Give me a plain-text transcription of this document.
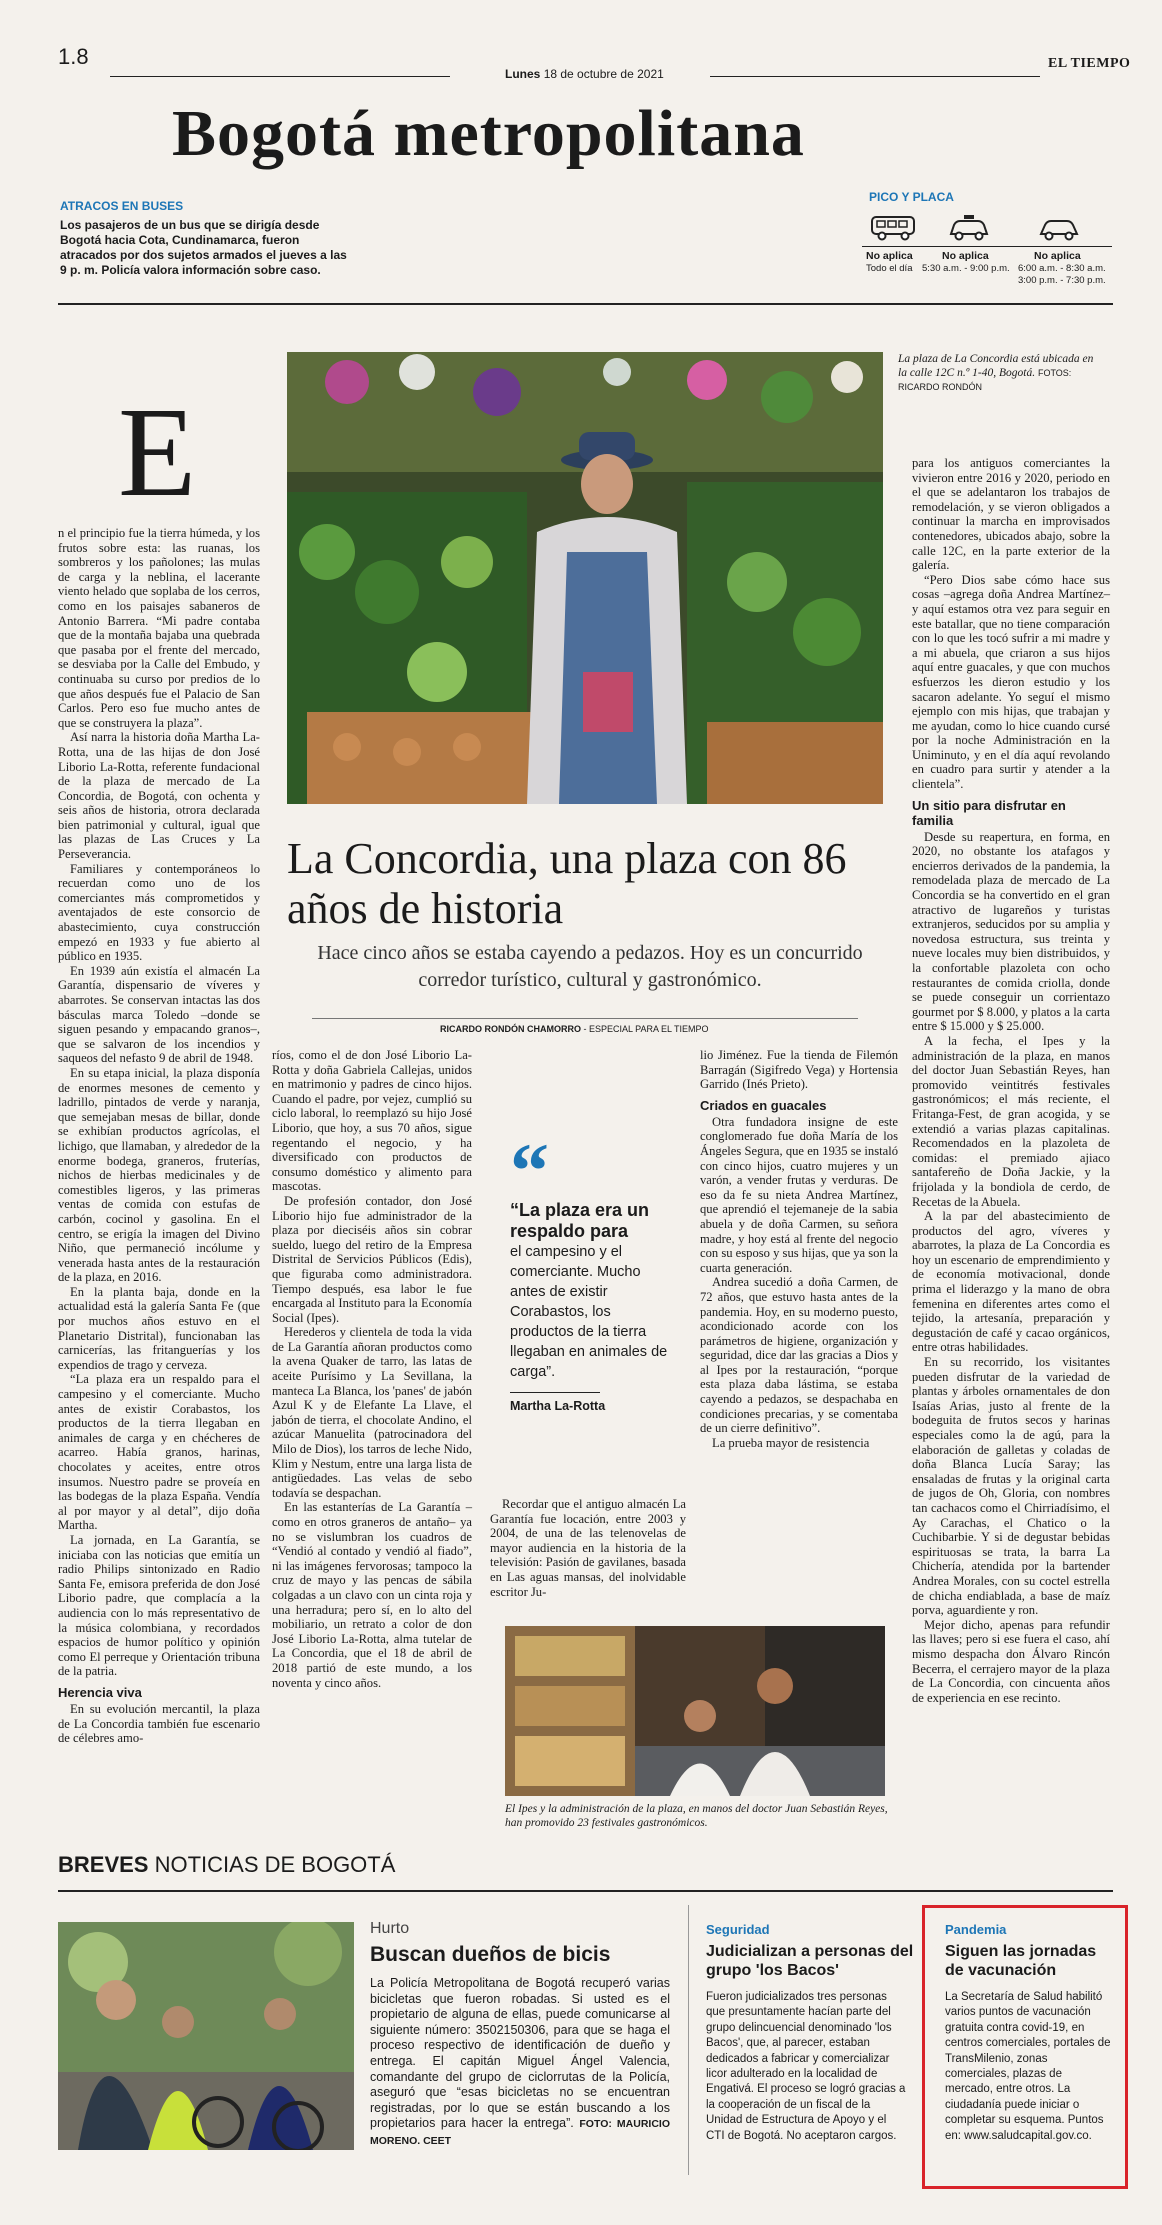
1.8
Lunes 18 de octubre de 2021
EL TIEMPO
Bogotá metropolitana
ATRACOS EN BUSES
Los pasajeros de un bus que se dirigía desde Bogotá hacia Cota, Cundinamarca, fueron atracados por dos sujetos armados el jueves a las 9 p. m. Policía valora información sobre caso.
PICO Y PLACA
No aplica
Todo el día
No aplica
5:30 a.m. - 9:00 p.m.
No aplica
6:00 a.m. - 8:30 a.m.
3:00 p.m. - 7:30 p.m.
La plaza de La Concordia está ubicada en la calle 12C n.º 1-40, Bogotá. FOTOS: RICARDO RONDÓN
La Concordia, una plaza con 86 años de historia
Hace cinco años se estaba cayendo a pedazos. Hoy es un concurrido corredor turístico, cultural y gastronómico.
RICARDO RONDÓN CHAMORRO - ESPECIAL PARA EL TIEMPO
E

n el principio fue la tierra húmeda, y los frutos sobre esta: las ruanas, los sombreros y los pañolones; las mulas de carga y la neblina, el lacerante viento helado que soplaba de los cerros, como en los paisajes sabaneros de Antonio Barrera. “Mi padre contaba que de la montaña bajaba una quebrada que pasaba por el frente del mercado, se desviaba por la Calle del Embudo, y continuaba su curso por predios de lo que años después fue el Palacio de San Carlos. Pero eso fue mucho antes de que se construyera la plaza”.

Así narra la historia doña Martha La-Rotta, una de las hijas de don José Liborio La-Rotta, referente fundacional de la plaza de mercado de La Concordia, de Bogotá, con ochenta y seis años de historia, otrora declarada bien patrimonial y cultural, igual que las plazas de Las Cruces y La Perseverancia.

Familiares y contemporáneos lo recuerdan como uno de los comerciantes más comprometidos y aventajados de este consorcio de abastecimiento, cuya construcción empezó en 1933 y fue abierto al público en 1935.

En 1939 aún existía el almacén La Garantía, dispensario de víveres y abarrotes. Se conservan intactas las dos básculas marca Toledo –donde se siguen pesando y empacando granos–, que se salvaron de los incendios y saqueos del nefasto 9 de abril de 1948.

En su etapa inicial, la plaza disponía de enormes mesones de cemento y ladrillo, pintados de verde y naranja, que semejaban mesas de billar, donde se exhibían productos agrícolas, el lichigo, que llamaban, y alrededor de la enorme bodega, graneros, fruterías, nichos de hierbas medicinales y de comestibles ligeros, y las primeras ventas de comida con estufas de carbón, cocinol y gasolina. En el centro, se erigía la imagen del Divino Niño, que permaneció incólume y venerada hasta antes de la restauración de la plaza, en 2016.

En la planta baja, donde en la actualidad está la galería Santa Fe (que por muchos años estuvo en el Planetario Distrital), funcionaban las carnicerías, las fritanguerías y los expendios de trago y cerveza.

“La plaza era un respaldo para el campesino y el comerciante. Mucho antes de existir Corabastos, los productos de la tierra llegaban en animales de carga y en chécheres de acarreo. Había granos, harinas, chocolates y aceites, entre otros insumos. Nuestro padre se proveía en las bodegas de la plaza España. Vendía al por mayor y al detal”, dijo doña Martha.

La jornada, en La Garantía, se iniciaba con las noticias que emitía un radio Philips sintonizado en Radio Santa Fe, emisora preferida de don José Liborio padre, que complacía a la audiencia con lo más representativo de la música colombiana, y recordados espacios de humor político y opinión como El perreque y Orientación tribuna de la patria.

Herencia viva

En su evolución mercantil, la plaza de La Concordia también fue escenario de célebres amo-

ríos, como el de don José Liborio La-Rotta y doña Gabriela Callejas, unidos en matrimonio y padres de cinco hijos. Cuando el padre, por vejez, cumplió su ciclo laboral, lo reemplazó su hijo José Liborio, que hoy, a sus 70 años, sigue regentando el negocio, y ha diversificado con productos de consumo doméstico y alimento para mascotas.

De profesión contador, don José Liborio hijo fue administrador de la plaza por dieciséis años sin cobrar sueldo, luego del retiro de la Empresa Distrital de Servicios Públicos (Edis), que figuraba como administradora. Tiempo después, esa labor le fue encargada al Instituto para la Economía Social (Ipes).

Herederos y clientela de toda la vida de La Garantía añoran productos como la avena Quaker de tarro, las latas de aceite Purísimo y La Sevillana, la manteca La Blanca, los 'panes' de jabón Azul K y de Elefante La Llave, el jabón de tierra, el chocolate Andino, el azúcar Manuelita (patrocinadora del Milo de Dios), los tarros de leche Nido, Klim y Nestum, entre una larga lista de antigüedades. Las velas de sebo todavía se despachan.

En las estanterías de La Garantía –como en otros graneros de antaño– ya no se vislumbran los cuadros de “Vendió al contado y vendió al fiado”, ni las imágenes fervorosas; tampoco la cruz de mayo y las pencas de sábila colgadas a un clavo con un cinta roja y una herradura; pero sí, en lo alto del mobiliario, un retrato a color de don José Liborio La-Rotta, alma tutelar de La Concordia, que el 18 de abril de 2018 partió de este mundo, a los noventa y cinco años.

“
“La plaza era un respaldo para
el campesino y el comerciante. Mucho antes de existir Corabastos, los productos de la tierra llegaban en animales de carga”.
Martha La-Rotta

Recordar que el antiguo almacén La Garantía fue locación, entre 2003 y 2004, de una de las telenovelas de mayor audiencia en la historia de la televisión: Pasión de gavilanes, basada en Las aguas mansas, del inolvidable escritor Ju-

lio Jiménez. Fue la tienda de Filemón Barragán (Sigifredo Vega) y Hortensia Garrido (Inés Prieto).

Criados en guacales

Otra fundadora insigne de este conglomerado fue doña María de los Ángeles Segura, que en 1935 se instaló con cinco hijos, cuatro mujeres y un varón, a vender frutas y verduras. De eso da fe su nieta Andrea Martínez, que aprendió el tejemaneje de la sabia abuela y de doña Carmen, su señora madre, y hoy está al frente del negocio con su esposo y sus hijas, que ya son la cuarta generación.

Andrea sucedió a doña Carmen, de 72 años, que estuvo hasta antes de la pandemia. Hoy, en su moderno puesto, acondicionado acorde con los parámetros de higiene, organización y seguridad, dice dar las gracias a Dios y al Ipes por la restauración, “porque esta plaza daba lástima, se estaba cayendo a pedazos, se despachaba en condiciones precarias, y se comentaba de un cierre definitivo”.

La prueba mayor de resistencia

El Ipes y la administración de la plaza, en manos del doctor Juan Sebastián Reyes, han promovido 23 festivales gastronómicos.

para los antiguos comerciantes la vivieron entre 2016 y 2020, periodo en el que se adelantaron los trabajos de remodelación, y se vieron obligados a continuar la marcha en improvisados contenedores, ubicados abajo, sobre la calle 12C, en la parte exterior de la galería.

“Pero Dios sabe cómo hace sus cosas –agrega doña Andrea Martínez– y aquí estamos otra vez para seguir en este batallar, que no tiene comparación con lo que les tocó sufrir a mi madre y a mi abuela, que criaron a sus hijos aquí entre guacales, y que con muchos esfuerzos les dieron estudio y los sacaron adelante. Yo seguí el mismo ejemplo con mis hijas, que trabajan y me ayudan, como lo hice cuando cursé por la noche Administración en la Uniminuto, y en el día aquí revolando en cuadro para surtir y atender a la clientela”.

Un sitio para disfrutar en familia

Desde su reapertura, en forma, en 2020, no obstante los atafagos y encierros derivados de la pandemia, la remodelada plaza de mercado de La Concordia se ha convertido en el gran atractivo de lugareños y turistas extranjeros, seducidos por su amplia y novedosa estructura, sus treinta y nueve locales muy bien distribuidos, y la confortable plazoleta con ocho restaurantes de comida criolla, donde se puede conseguir un corrientazo gourmet por $ 8.000, y platos a la carta entre $ 15.000 y $ 25.000.

A la fecha, el Ipes y la administración de la plaza, en manos del doctor Juan Sebastián Reyes, han promovido veintitrés festivales gastronómicos; el más reciente, el Fritanga-Fest, de gran acogida, y se extendió a varias plazas capitalinas. Recomendados en la plazoleta de comidas: el premiado ajiaco santafereño de Doña Jackie, y la frijolada y la bondiola de cerdo, de Recetas de la Abuela.

A la par del abastecimiento de productos del agro, víveres y abarrotes, la plaza de La Concordia es hoy un escenario de emprendimiento y de economía motivacional, donde prima el liderazgo y la mano de obra femenina en diferentes artes como el tejido, la artesanía, preparación y degustación de café y cacao orgánicos, entre otras habilidades.

En su recorrido, los visitantes pueden disfrutar de la variedad de plantas y árboles ornamentales de don Isaías Arias, justo al frente de la bodeguita de frutos secos y harinas especiales como la de agú, para la elaboración de galletas y coladas de doña Blanca Lucía Saray; las ensaladas de frutas y la original carta de jugos de Oh, Gloria, con nombres tan cachacos como el Chirriadísimo, el Ay Carachas, el Chatico o la Cuchibarbie. Y si de degustar bebidas espirituosas se trata, la barra La Chichería, atendida por la bartender Andrea Morales, con su coctel estrella de chicha endiablada, a base de maíz porva, aguardiente y ron.

Mejor dicho, apenas para refundir las llaves; pero si ese fuera el caso, ahí mismo despacha don Álvaro Rincón Becerra, el cerrajero mayor de la plaza de La Concordia, con cincuenta años de experiencia en ese recinto.

BREVES NOTICIAS DE BOGOTÁ
Hurto
Buscan dueños de bicis
La Policía Metropolitana de Bogotá recuperó varias bicicletas que fueron robadas. Si usted es el propietario de alguna de ellas, puede comunicarse al siguiente número: 3502150306, para que se haga el proceso respectivo de identificación de dueño y entrega. El capitán Miguel Ángel Valencia, comandante del grupo de ciclorrutas de la Policía, aseguró que “esas bicicletas no se encuentran registradas, por lo que se están buscando a los propietarios para hacer la entrega”. FOTO: MAURICIO MORENO. CEET
Seguridad
Judicializan a personas del grupo 'los Bacos'
Fueron judicializados tres personas que presuntamente hacían parte del grupo delincuencial denominado 'los Bacos', que, al parecer, estaban dedicados a fabricar y comercializar licor adulterado en la localidad de Engativá. El proceso se logró gracias a la cooperación de un fiscal de la Unidad de Estructura de Apoyo y el CTI de Bogotá. No aceptaron cargos.
Pandemia
Siguen las jornadas de vacunación
La Secretaría de Salud habilitó varios puntos de vacunación gratuita contra covid-19, en centros comerciales, portales de TransMilenio, zonas comerciales, plazas de mercado, entre otros. La ciudadanía puede iniciar o completar su esquema. Puntos en: www.saludcapital.gov.co.
